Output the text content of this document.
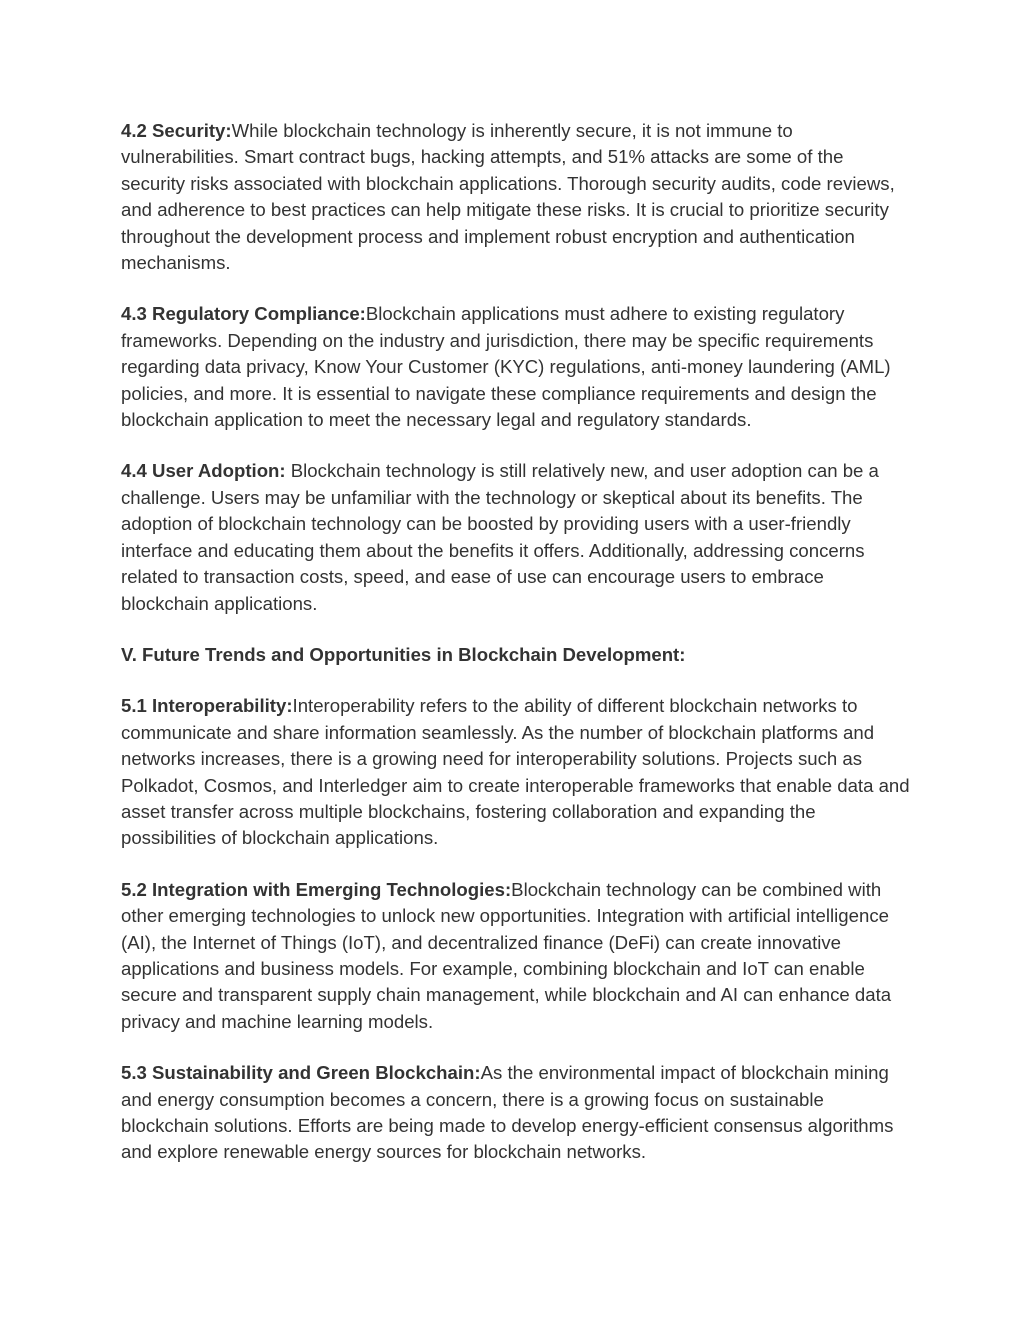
4.2 Security:While blockchain technology is inherently secure, it is not immune to vulnerabilities. Smart contract bugs, hacking attempts, and 51% attacks are some of the security risks associated with blockchain applications. Thorough security audits, code reviews, and adherence to best practices can help mitigate these risks. It is crucial to prioritize security throughout the development process and implement robust encryption and authentication mechanisms.

4.3 Regulatory Compliance:Blockchain applications must adhere to existing regulatory frameworks. Depending on the industry and jurisdiction, there may be specific requirements regarding data privacy, Know Your Customer (KYC) regulations, anti-money laundering (AML) policies, and more. It is essential to navigate these compliance requirements and design the blockchain application to meet the necessary legal and regulatory standards.

4.4 User Adoption: Blockchain technology is still relatively new, and user adoption can be a challenge. Users may be unfamiliar with the technology or skeptical about its benefits. The adoption of blockchain technology can be boosted by providing users with a user-friendly interface and educating them about the benefits it offers. Additionally, addressing concerns related to transaction costs, speed, and ease of use can encourage users to embrace blockchain applications.

V. Future Trends and Opportunities in Blockchain Development:

5.1 Interoperability:Interoperability refers to the ability of different blockchain networks to communicate and share information seamlessly. As the number of blockchain platforms and networks increases, there is a growing need for interoperability solutions. Projects such as Polkadot, Cosmos, and Interledger aim to create interoperable frameworks that enable data and asset transfer across multiple blockchains, fostering collaboration and expanding the possibilities of blockchain applications.

5.2 Integration with Emerging Technologies:Blockchain technology can be combined with other emerging technologies to unlock new opportunities. Integration with artificial intelligence (AI), the Internet of Things (IoT), and decentralized finance (DeFi) can create innovative applications and business models. For example, combining blockchain and IoT can enable secure and transparent supply chain management, while blockchain and AI can enhance data privacy and machine learning models.

5.3 Sustainability and Green Blockchain:As the environmental impact of blockchain mining and energy consumption becomes a concern, there is a growing focus on sustainable blockchain solutions. Efforts are being made to develop energy-efficient consensus algorithms and explore renewable energy sources for blockchain networks.
